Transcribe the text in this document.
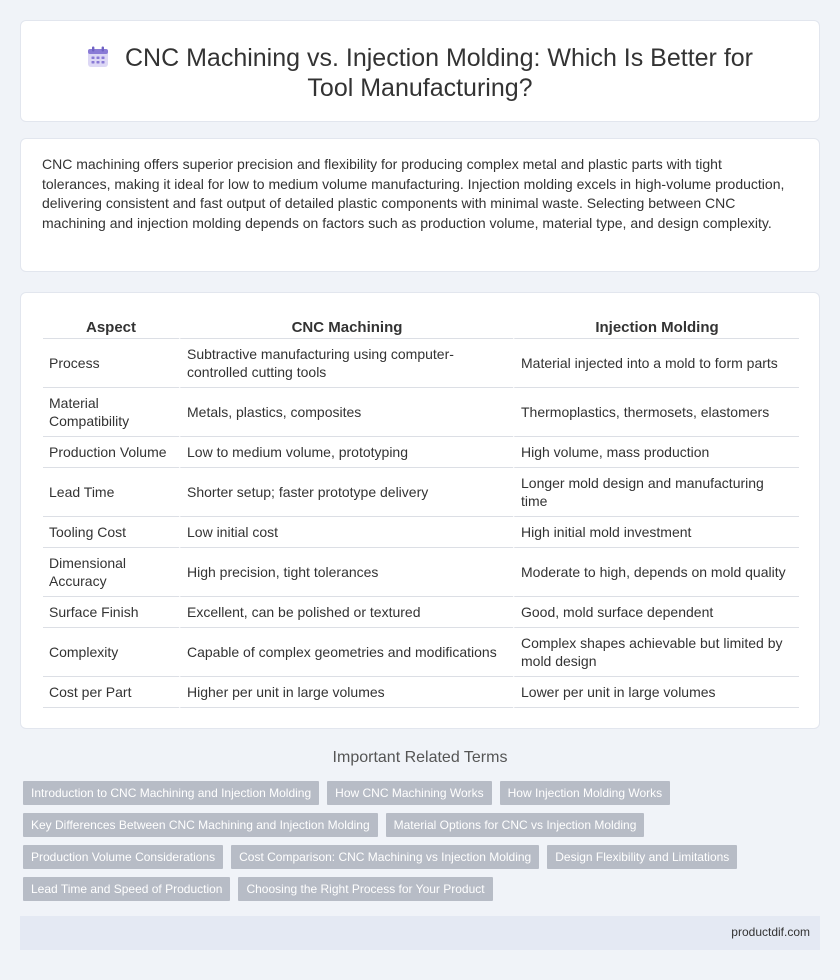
CNC Machining vs. Injection Molding: Which Is Better for Tool Manufacturing?

CNC machining offers superior precision and flexibility for producing complex metal and plastic parts with tight tolerances, making it ideal for low to medium volume manufacturing. Injection molding excels in high-volume production, delivering consistent and fast output of detailed plastic components with minimal waste. Selecting between CNC machining and injection molding depends on factors such as production volume, material type, and design complexity.

Aspect	CNC Machining	Injection Molding
Process	Subtractive manufacturing using computer-controlled cutting tools	Material injected into a mold to form parts
Material Compatibility	Metals, plastics, composites	Thermoplastics, thermosets, elastomers
Production Volume	Low to medium volume, prototyping	High volume, mass production
Lead Time	Shorter setup; faster prototype delivery	Longer mold design and manufacturing time
Tooling Cost	Low initial cost	High initial mold investment
Dimensional Accuracy	High precision, tight tolerances	Moderate to high, depends on mold quality
Surface Finish	Excellent, can be polished or textured	Good, mold surface dependent
Complexity	Capable of complex geometries and modifications	Complex shapes achievable but limited by mold design
Cost per Part	Higher per unit in large volumes	Lower per unit in large volumes
Important Related Terms
Introduction to CNC Machining and Injection Molding	How CNC Machining Works	How Injection Molding Works
Key Differences Between CNC Machining and Injection Molding	Material Options for CNC vs Injection Molding
Production Volume Considerations	Cost Comparison: CNC Machining vs Injection Molding	Design Flexibility and Limitations
Lead Time and Speed of Production	Choosing the Right Process for Your Product
productdif.com
